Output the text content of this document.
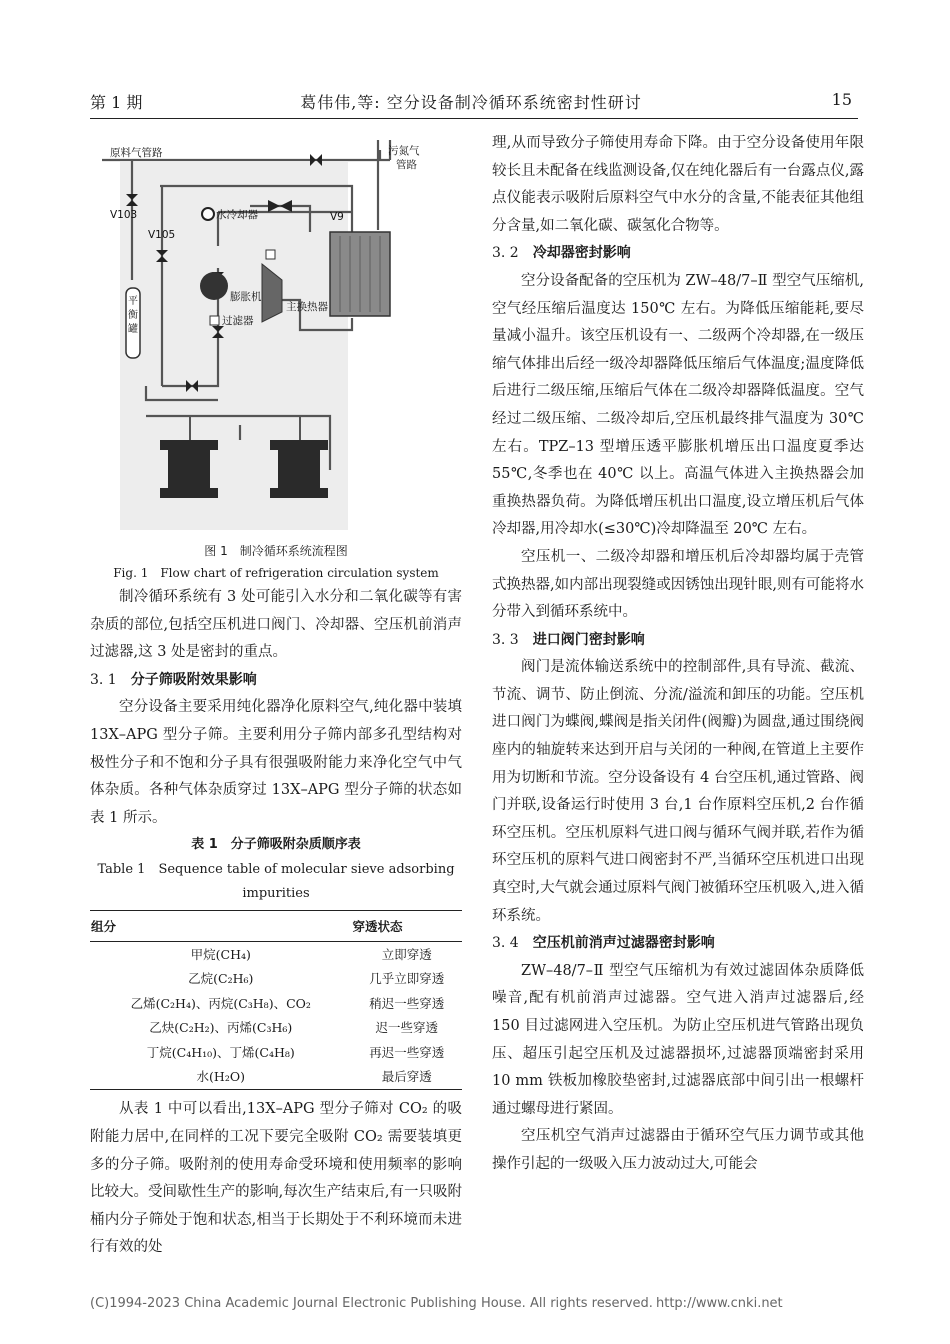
第 1 期	葛伟伟,等: 空分设备制冷循环系统密封性研讨	15
原料气管路	污氮气
管路
V103
V105
V9
水冷却器
膨胀机
过滤器
主换热器
平
衡
罐
图 1　制冷循环系统流程图
Fig. 1　Flow chart of refrigeration circulation system

制冷循环系统有 3 处可能引入水分和二氧化碳等有害杂质的部位,包括空压机进口阀门、冷却器、空压机前消声过滤器,这 3 处是密封的重点。

3. 1 分子筛吸附效果影响

空分设备主要采用纯化器净化原料空气,纯化器中装填 13X–APG 型分子筛。主要利用分子筛内部多孔型结构对极性分子和不饱和分子具有很强吸附能力来净化空气中气体杂质。各种气体杂质穿过 13X–APG 型分子筛的状态如表 1 所示。

表 1　分子筛吸附杂质顺序表
Table 1　Sequence table of molecular sieve adsorbing impurities
组分	穿透状态
甲烷(CH₄)	立即穿透
乙烷(C₂H₆)	几乎立即穿透
乙烯(C₂H₄)、丙烷(C₃H₈)、CO₂	稍迟一些穿透
乙炔(C₂H₂)、丙烯(C₃H₆)	迟一些穿透
丁烷(C₄H₁₀)、丁烯(C₄H₈)	再迟一些穿透
水(H₂O)	最后穿透

从表 1 中可以看出,13X–APG 型分子筛对 CO₂ 的吸附能力居中,在同样的工况下要完全吸附 CO₂ 需要装填更多的分子筛。吸附剂的使用寿命受环境和使用频率的影响比较大。受间歇性生产的影响,每次生产结束后,有一只吸附桶内分子筛处于饱和状态,相当于长期处于不利环境而未进行有效的处

理,从而导致分子筛使用寿命下降。由于空分设备使用年限较长且未配备在线监测设备,仅在纯化器后有一台露点仪,露点仪能表示吸附后原料空气中水分的含量,不能表征其他组分含量,如二氧化碳、碳氢化合物等。

3. 2 冷却器密封影响

空分设备配备的空压机为 ZW–48/7–Ⅱ 型空气压缩机,空气经压缩后温度达 150℃ 左右。为降低压缩能耗,要尽量减小温升。该空压机设有一、二级两个冷却器,在一级压缩气体排出后经一级冷却器降低压缩后气体温度;温度降低后进行二级压缩,压缩后气体在二级冷却器降低温度。空气经过二级压缩、二级冷却后,空压机最终排气温度为 30℃ 左右。TPZ–13 型增压透平膨胀机增压出口温度夏季达 55℃,冬季也在 40℃ 以上。高温气体进入主换热器会加重换热器负荷。为降低增压机出口温度,设立增压机后气体冷却器,用冷却水(≤30℃)冷却降温至 20℃ 左右。

空压机一、二级冷却器和增压机后冷却器均属于壳管式换热器,如内部出现裂缝或因锈蚀出现针眼,则有可能将水分带入到循环系统中。

3. 3 进口阀门密封影响

阀门是流体输送系统中的控制部件,具有导流、截流、节流、调节、防止倒流、分流/溢流和卸压的功能。空压机进口阀门为蝶阀,蝶阀是指关闭件(阀瓣)为圆盘,通过围绕阀座内的轴旋转来达到开启与关闭的一种阀,在管道上主要作用为切断和节流。空分设备设有 4 台空压机,通过管路、阀门并联,设备运行时使用 3 台,1 台作原料空压机,2 台作循环空压机。空压机原料气进口阀与循环气阀并联,若作为循环空压机的原料气进口阀密封不严,当循环空压机进口出现真空时,大气就会通过原料气阀门被循环空压机吸入,进入循环系统。

3. 4 空压机前消声过滤器密封影响

ZW–48/7–Ⅱ 型空气压缩机为有效过滤固体杂质降低噪音,配有机前消声过滤器。空气进入消声过滤器后,经 150 目过滤网进入空压机。为防止空压机进气管路出现负压、超压引起空压机及过滤器损坏,过滤器顶端密封采用 10 mm 铁板加橡胶垫密封,过滤器底部中间引出一根螺杆通过螺母进行紧固。

空压机空气消声过滤器由于循环空气压力调节或其他操作引起的一级吸入压力波动过大,可能会

(C)1994-2023 China Academic Journal Electronic Publishing House. All rights reserved. http://www.cnki.net
